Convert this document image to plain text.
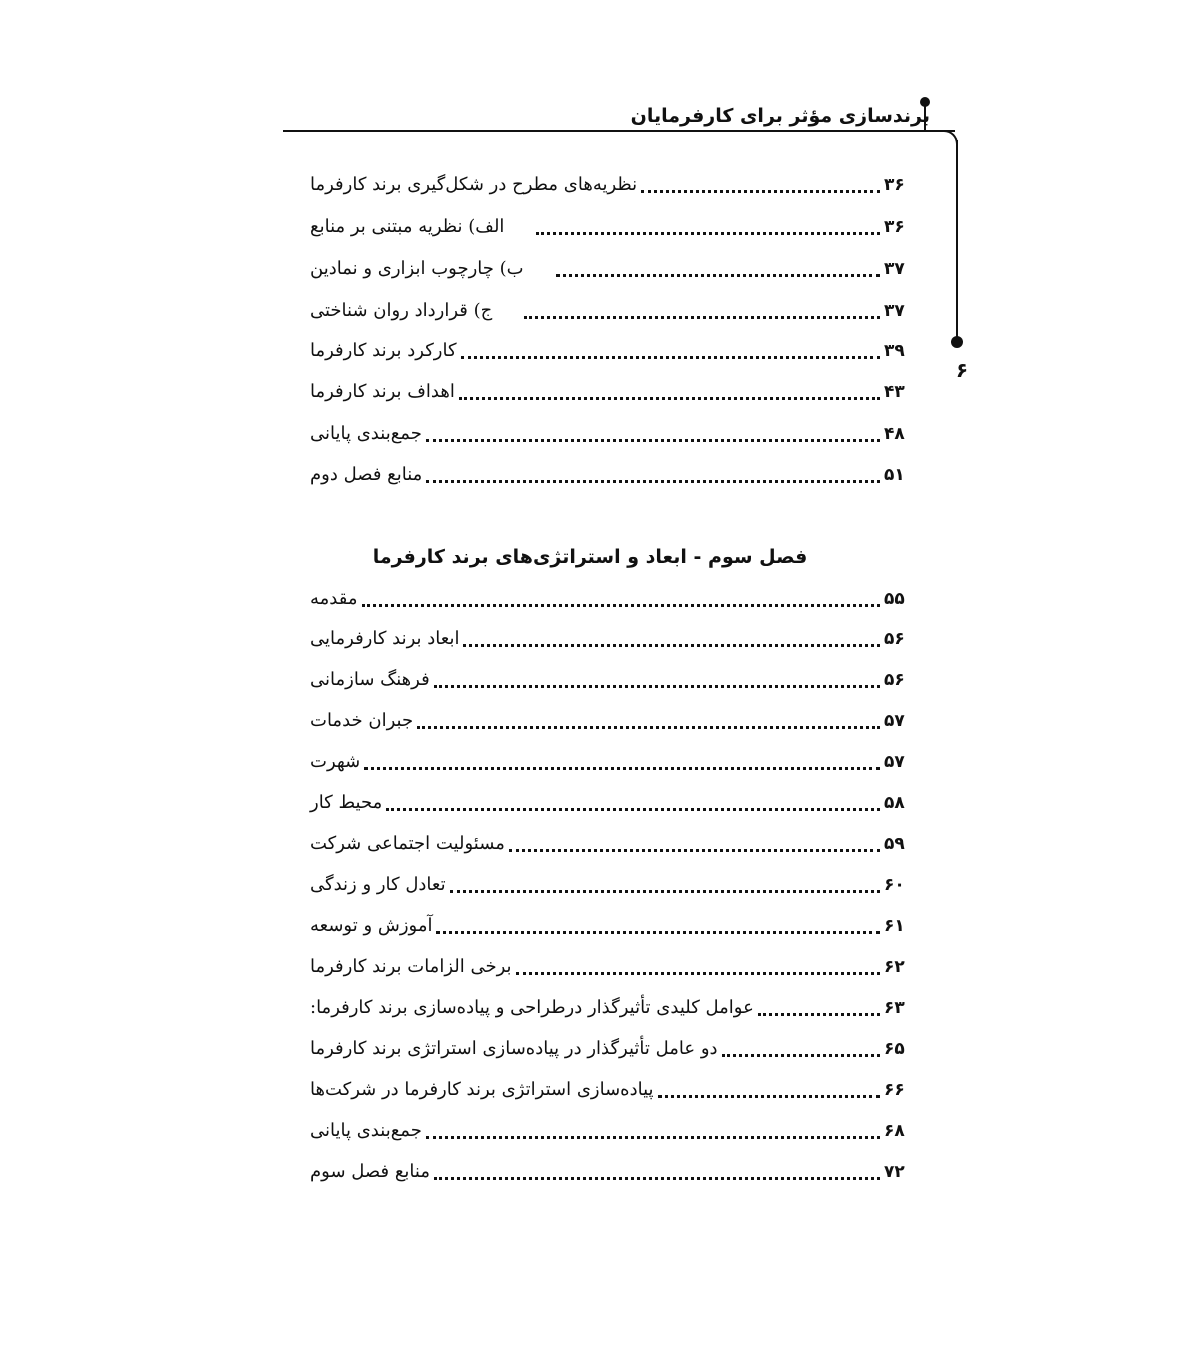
برندسازی مؤثر برای کارفرمایان
۶
نظریه‌های مطرح در شکل‌گیری برند کارفرما	۳۶
الف) نظریه مبتنی بر منابع	۳۶
ب) چارچوب ابزاری و نمادین	۳۷
ج) قرارداد روان شناختی	۳۷
کارکرد برند کارفرما	۳۹
اهداف برند کارفرما	۴۳
جمع‌بندی پایانی	۴۸
منابع فصل دوم	۵۱
فصل سوم - ابعاد و استراتژی‌های برند کارفرما
مقدمه	۵۵
ابعاد برند کارفرمایی	۵۶
فرهنگ سازمانی	۵۶
جبران خدمات	۵۷
شهرت	۵۷
محیط کار	۵۸
مسئولیت اجتماعی شرکت	۵۹
تعادل کار و زندگی	۶۰
آموزش و توسعه	۶۱
برخی الزامات برند کارفرما	۶۲
عوامل کلیدی تأثیرگذار درطراحی و پیاده‌سازی برند کارفرما:	۶۳
دو عامل تأثیرگذار در پیاده‌سازی استراتژی برند کارفرما	۶۵
پیاده‌سازی استراتژی برند کارفرما در شرکت‌ها	۶۶
جمع‌بندی پایانی	۶۸
منابع فصل سوم	۷۲
